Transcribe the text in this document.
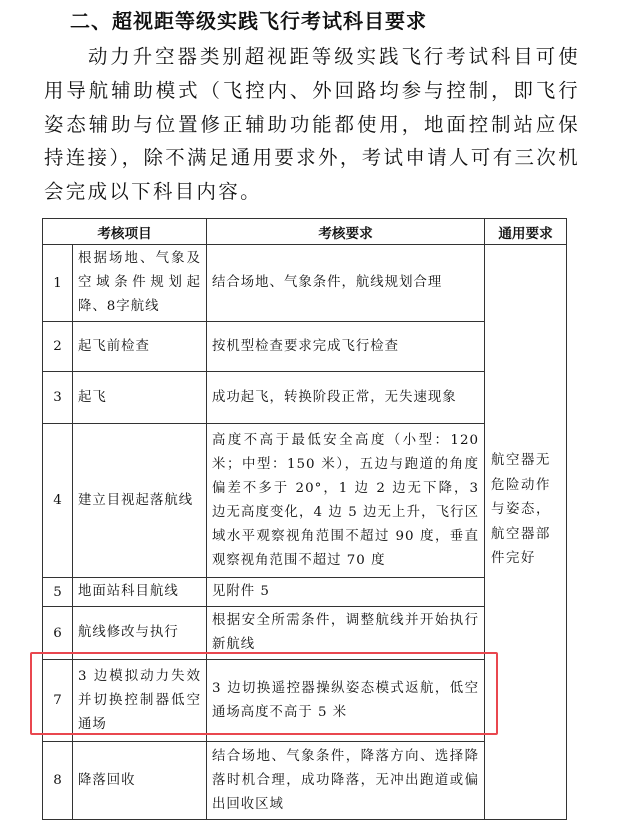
二、超视距等级实践飞行考试科目要求

动力升空器类别超视距等级实践飞行考试科目可使用导航辅助模式（飞控内、外回路均参与控制，即飞行姿态辅助与位置修正辅助功能都使用，地面控制站应保持连接），除不满足通用要求外，考试申请人可有三次机会完成以下科目内容。

考核项目		考核要求	通用要求
1	根据场地、气象及空域条件规划起降、8字航线	结合场地、气象条件，航线规划合理	航空器无危险动作与姿态，航空器部件完好

2	起飞前检查	按机型检查要求完成飞行检查	
3	起飞	成功起飞，转换阶段正常，无失速现象	
4	建立目视起落航线	高度不高于最低安全高度（小型：120 米；中型：150 米），五边与跑道的角度偏差不多于 20°，1 边 2 边无下降，3 边无高度变化，4 边 5 边无上升，飞行区域水平观察视角范围不超过 90 度，垂直观察视角范围不超过 70 度	
5	地面站科目航线	见附件 5	
6	航线修改与执行	根据安全所需条件，调整航线并开始执行新航线	
7	3 边模拟动力失效并切换控制器低空通场	3 边切换遥控器操纵姿态模式返航，低空通场高度不高于 5 米	
8	降落回收	结合场地、气象条件，降落方向、选择降落时机合理，成功降落，无冲出跑道或偏出回收区域	
